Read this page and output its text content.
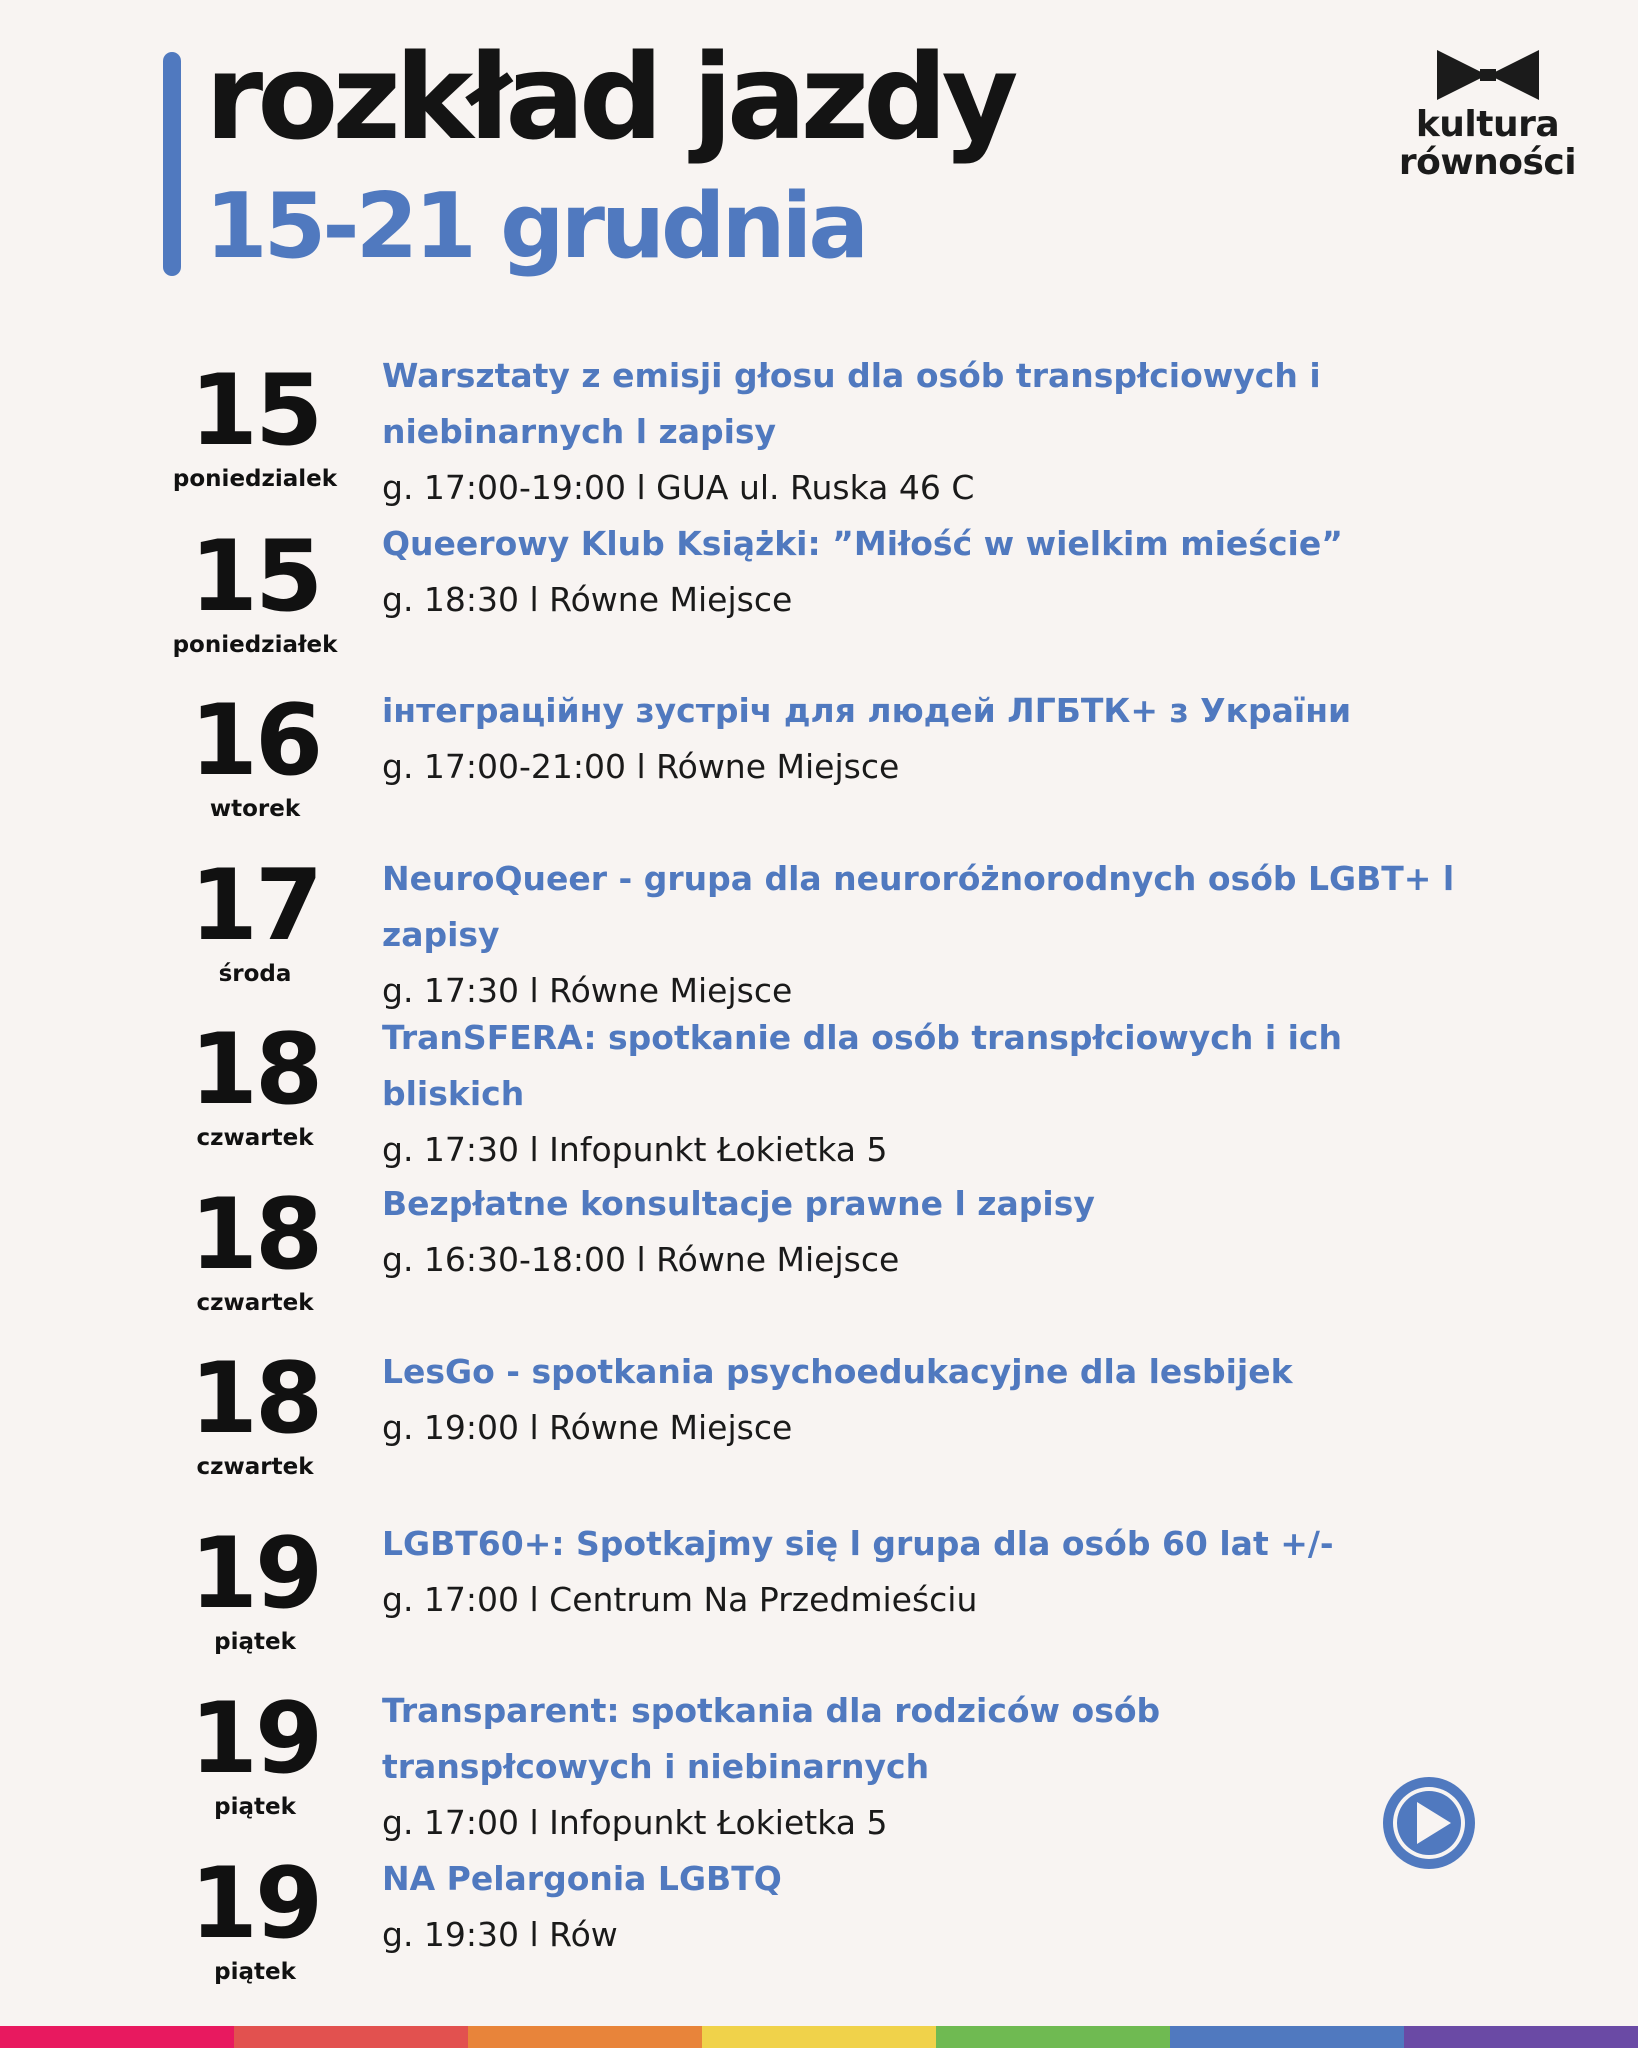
rozkład jazdy
15-21 grudnia
kultura
równości
15
poniedzialek
Warsztaty z emisji głosu dla osób transpłciowych i niebinarnych l zapisy
g. 17:00-19:00 l GUA ul. Ruska 46 C
15
poniedziałek
Queerowy Klub Książki: ”Miłość w wielkim mieście”
g. 18:30 l Równe Miejsce
16
wtorek
інтеграційну зустріч для людей ЛГБТК+ з України
g. 17:00-21:00 l Równe Miejsce
17
środa
NeuroQueer - grupa dla neuroróżnorodnych osób LGBT+ l zapisy
g. 17:30 l Równe Miejsce
18
czwartek
TranSFERA: spotkanie dla osób transpłciowych i ich bliskich
g. 17:30 l Infopunkt Łokietka 5
18
czwartek
Bezpłatne konsultacje prawne l zapisy
g. 16:30-18:00 l Równe Miejsce
18
czwartek
LesGo - spotkania psychoedukacyjne dla lesbijek
g. 19:00 l Równe Miejsce
19
piątek
LGBT60+: Spotkajmy się l grupa dla osób 60 lat +/-
g. 17:00 l Centrum Na Przedmieściu
19
piątek
Transparent: spotkania dla rodziców osób transpłcowych i niebinarnych
g. 17:00 l Infopunkt Łokietka 5
19
piątek
NA Pelargonia LGBTQ
g. 19:30 l Rów
